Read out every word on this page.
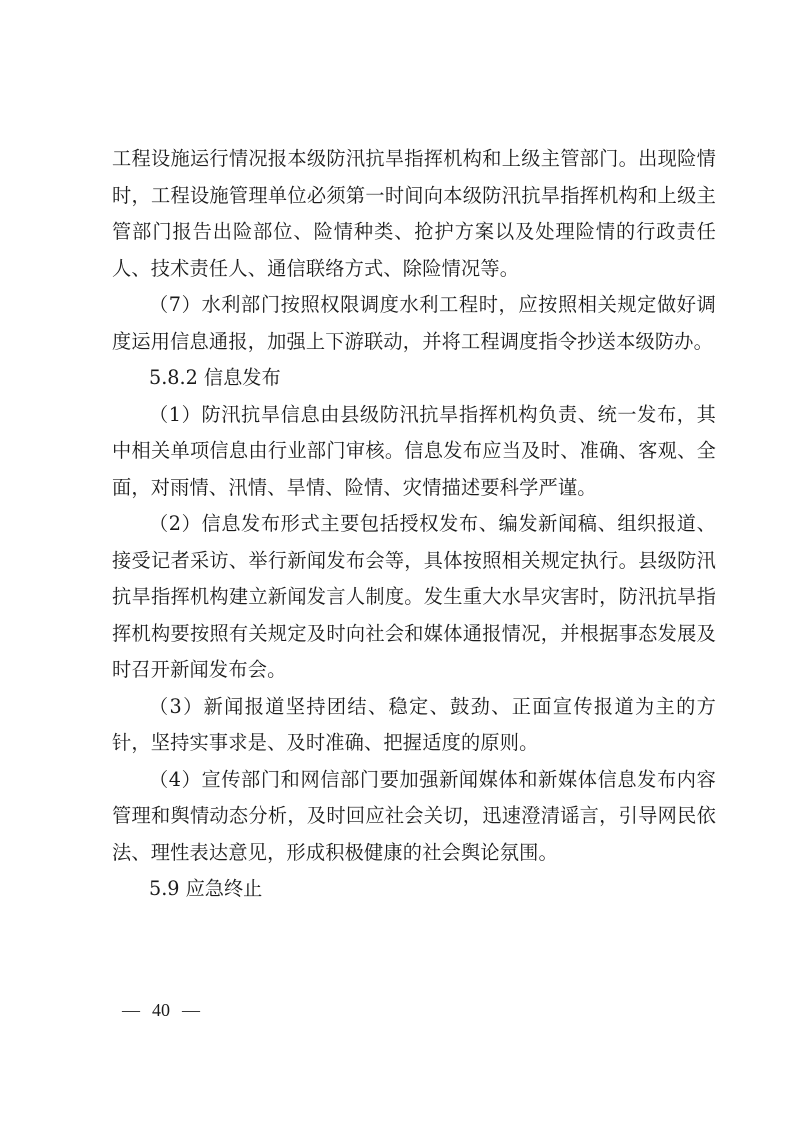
工程设施运行情况报本级防汛抗旱指挥机构和上级主管部门。出现险情时，工程设施管理单位必须第一时间向本级防汛抗旱指挥机构和上级主管部门报告出险部位、险情种类、抢护方案以及处理险情的行政责任人、技术责任人、通信联络方式、除险情况等。

（7）水利部门按照权限调度水利工程时，应按照相关规定做好调度运用信息通报，加强上下游联动，并将工程调度指令抄送本级防办。

5.8.2 信息发布

（1）防汛抗旱信息由县级防汛抗旱指挥机构负责、统一发布，其中相关单项信息由行业部门审核。信息发布应当及时、准确、客观、全面，对雨情、汛情、旱情、险情、灾情描述要科学严谨。

（2）信息发布形式主要包括授权发布、编发新闻稿、组织报道、接受记者采访、举行新闻发布会等，具体按照相关规定执行。县级防汛抗旱指挥机构建立新闻发言人制度。发生重大水旱灾害时，防汛抗旱指挥机构要按照有关规定及时向社会和媒体通报情况，并根据事态发展及时召开新闻发布会。

（3）新闻报道坚持团结、稳定、鼓劲、正面宣传报道为主的方针，坚持实事求是、及时准确、把握适度的原则。

（4）宣传部门和网信部门要加强新闻媒体和新媒体信息发布内容管理和舆情动态分析，及时回应社会关切，迅速澄清谣言，引导网民依法、理性表达意见，形成积极健康的社会舆论氛围。

5.9 应急终止

— 40 —
